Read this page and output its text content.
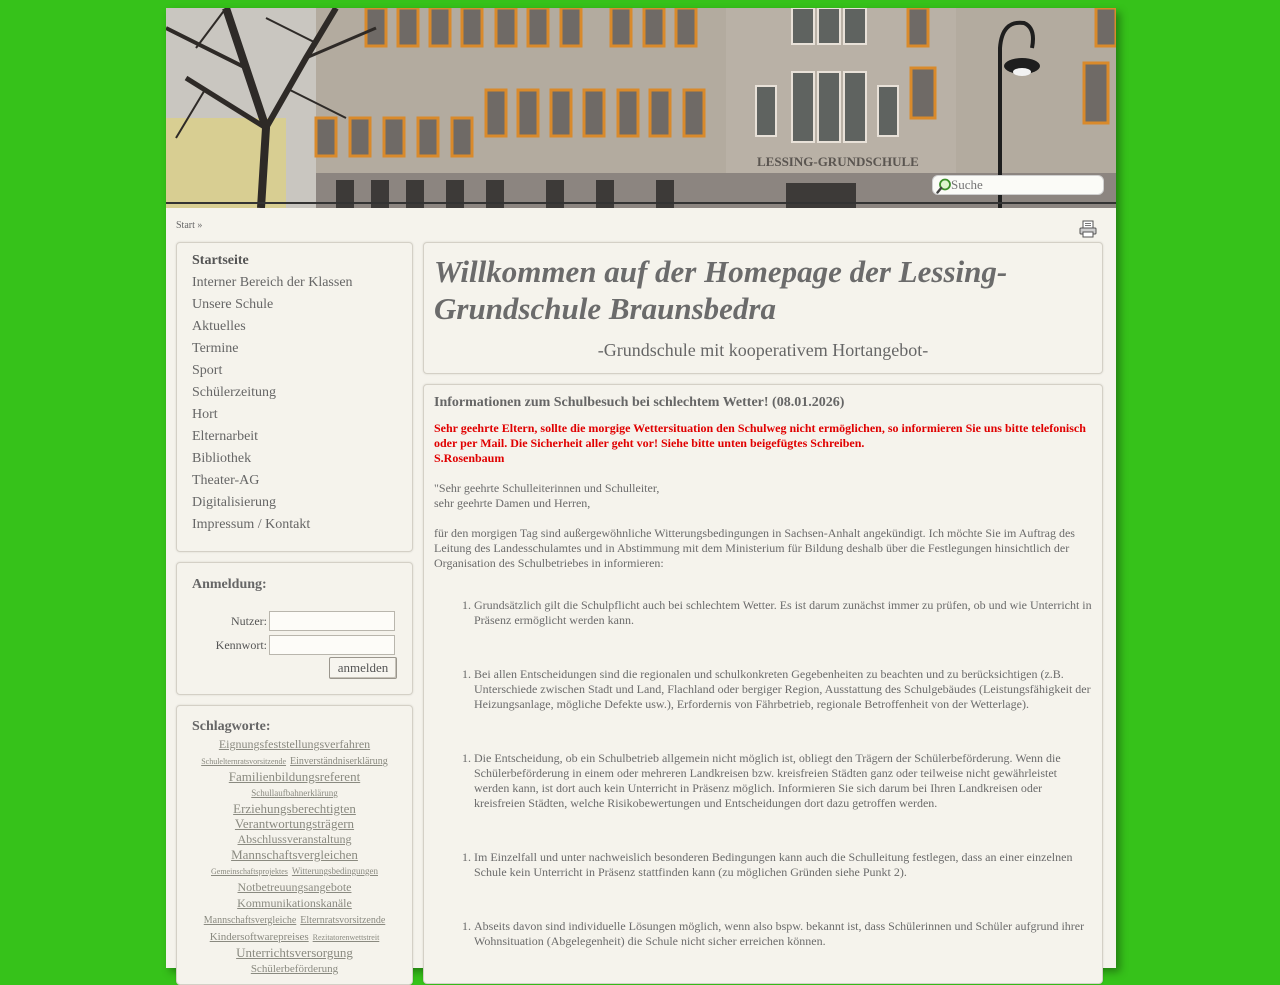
LESSING-GRUNDSCHULE
Suche
Start »
Startseite
Interner Bereich der Klassen
Unsere Schule
Aktuelles
Termine
Sport
Schülerzeitung
Hort
Elternarbeit
Bibliothek
Theater-AG
Digitalisierung
Impressum / Kontakt
Anmeldung:
Nutzer:
Kennwort:
anmelden
Schlagworte:
Eignungsfeststellungsverfahren
Schulelternratsvorsitzende Einverständniserklärung
Familienbildungsreferent
Schullaufbahnerklärung
Erziehungsberechtigten
Verantwortungsträgern
Abschlussveranstaltung
Mannschaftsvergleichen
Gemeinschaftsprojektes Witterungsbedingungen
Notbetreuungsangebote
Kommunikationskanäle
Mannschaftsvergleiche Elternratsvorsitzende
Kindersoftwarepreises Rezitatorenwettstreit
Unterrichtsversorgung
Schülerbeförderung
Willkommen auf der Homepage der Lessing-Grundschule Braunsbedra
-Grundschule mit kooperativem Hortangebot-
Informationen zum Schulbesuch bei schlechtem Wetter! (08.01.2026)
Sehr geehrte Eltern, sollte die morgige Wettersituation den Schulweg nicht ermöglichen, so informieren Sie uns bitte telefonisch oder per Mail. Die Sicherheit aller geht vor! Siehe bitte unten beigefügtes Schreiben.
S.Rosenbaum
"Sehr geehrte Schulleiterinnen und Schulleiter,
sehr geehrte Damen und Herren,
für den morgigen Tag sind außergewöhnliche Witterungsbedingungen in Sachsen-Anhalt angekündigt. Ich möchte Sie im Auftrag des Leitung des Landesschulamtes und in Abstimmung mit dem Ministerium für Bildung deshalb über die Festlegungen hinsichtlich der Organisation des Schulbetriebes in informieren:
1. Grundsätzlich gilt die Schulpflicht auch bei schlechtem Wetter. Es ist darum zunächst immer zu prüfen, ob und wie Unterricht in Präsenz ermöglicht werden kann.
1. Bei allen Entscheidungen sind die regionalen und schulkonkreten Gegebenheiten zu beachten und zu berücksichtigen (z.B. Unterschiede zwischen Stadt und Land, Flachland oder bergiger Region, Ausstattung des Schulgebäudes (Leistungsfähigkeit der Heizungsanlage, mögliche Defekte usw.), Erfordernis von Fährbetrieb, regionale Betroffenheit von der Wetterlage).
1. Die Entscheidung, ob ein Schulbetrieb allgemein nicht möglich ist, obliegt den Trägern der Schülerbeförderung. Wenn die Schülerbeförderung in einem oder mehreren Landkreisen bzw. kreisfreien Städten ganz oder teilweise nicht gewährleistet werden kann, ist dort auch kein Unterricht in Präsenz möglich. Informieren Sie sich darum bei Ihren Landkreisen oder kreisfreien Städten, welche Risikobewertungen und Entscheidungen dort dazu getroffen werden.
1. Im Einzelfall und unter nachweislich besonderen Bedingungen kann auch die Schulleitung festlegen, dass an einer einzelnen Schule kein Unterricht in Präsenz stattfinden kann (zu möglichen Gründen siehe Punkt 2).
1. Abseits davon sind individuelle Lösungen möglich, wenn also bspw. bekannt ist, dass Schülerinnen und Schüler aufgrund ihrer Wohnsituation (Abgelegenheit) die Schule nicht sicher erreichen können.
